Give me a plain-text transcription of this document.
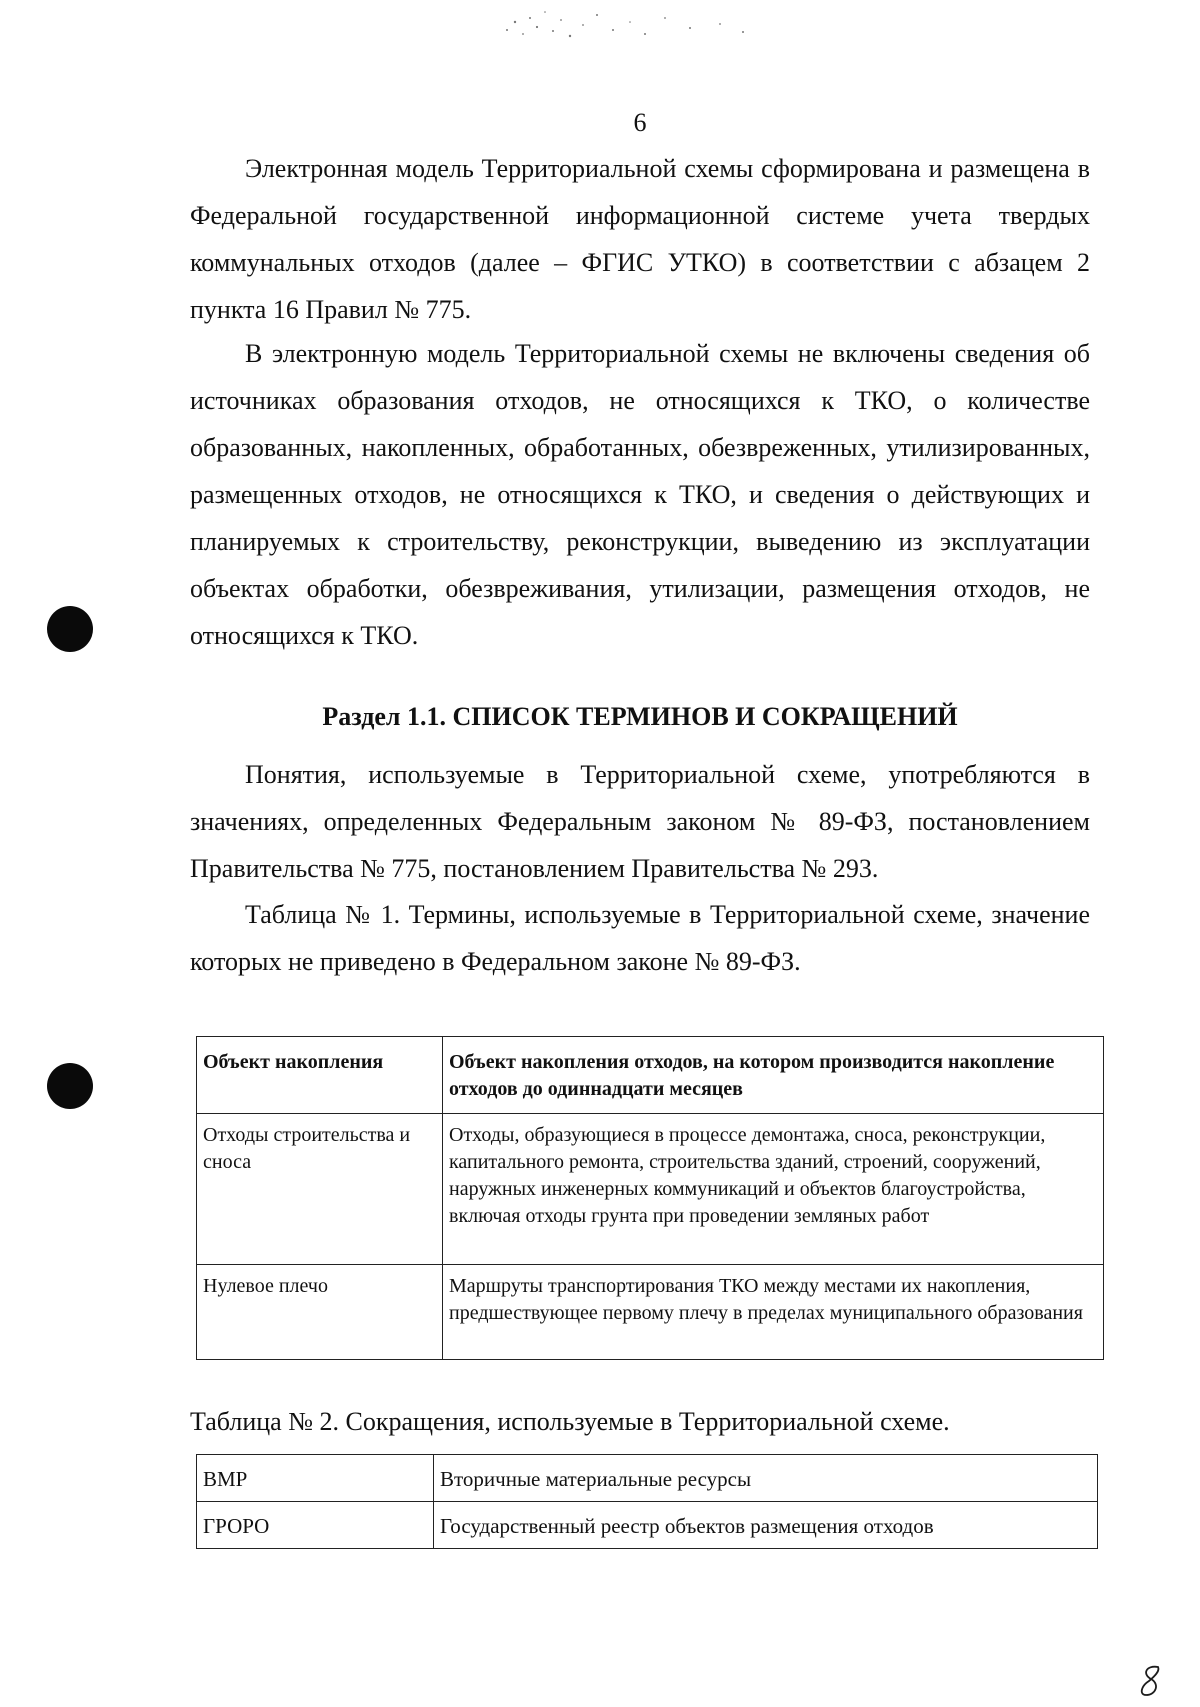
6

Электронная модель Территориальной схемы сформирована и размещена в Федеральной государственной информационной системе учета твердых коммунальных отходов (далее – ФГИС УТКО) в соответствии с абзацем 2 пункта 16 Правил № 775.

В электронную модель Территориальной схемы не включены сведения об источниках образования отходов, не относящихся к ТКО, о количестве образованных, накопленных, обработанных, обезвреженных, утилизированных, размещенных отходов, не относящихся к ТКО, и сведения о действующих и планируемых к строительству, реконструкции, выведению из эксплуатации объектах обработки, обезвреживания, утилизации, размещения отходов, не относящихся к ТКО.

Раздел 1.1. СПИСОК ТЕРМИНОВ И СОКРАЩЕНИЙ

Понятия, используемые в Территориальной схеме, употребляются в значениях, определенных Федеральным законом № 89-ФЗ, постановлением Правительства № 775, постановлением Правительства № 293.

Таблица № 1. Термины, используемые в Территориальной схеме, значение которых не приведено в Федеральном законе № 89-ФЗ.

Объект накопления	Объект накопления отходов, на котором производится накопление отходов до одиннадцати месяцев
Отходы строительства и сноса	Отходы, образующиеся в процессе демонтажа, сноса, реконструкции, капитального ремонта, строительства зданий, строений, сооружений, наружных инженерных коммуникаций и объектов благоустройства, включая отходы грунта при проведении земляных работ
Нулевое плечо	Маршруты транспортирования ТКО между местами их накопления, предшествующее первому плечу в пределах муниципального образования

Таблица № 2. Сокращения, используемые в Территориальной схеме.

ВМР	Вторичные материальные ресурсы
ГРОРО	Государственный реестр объектов размещения отходов
